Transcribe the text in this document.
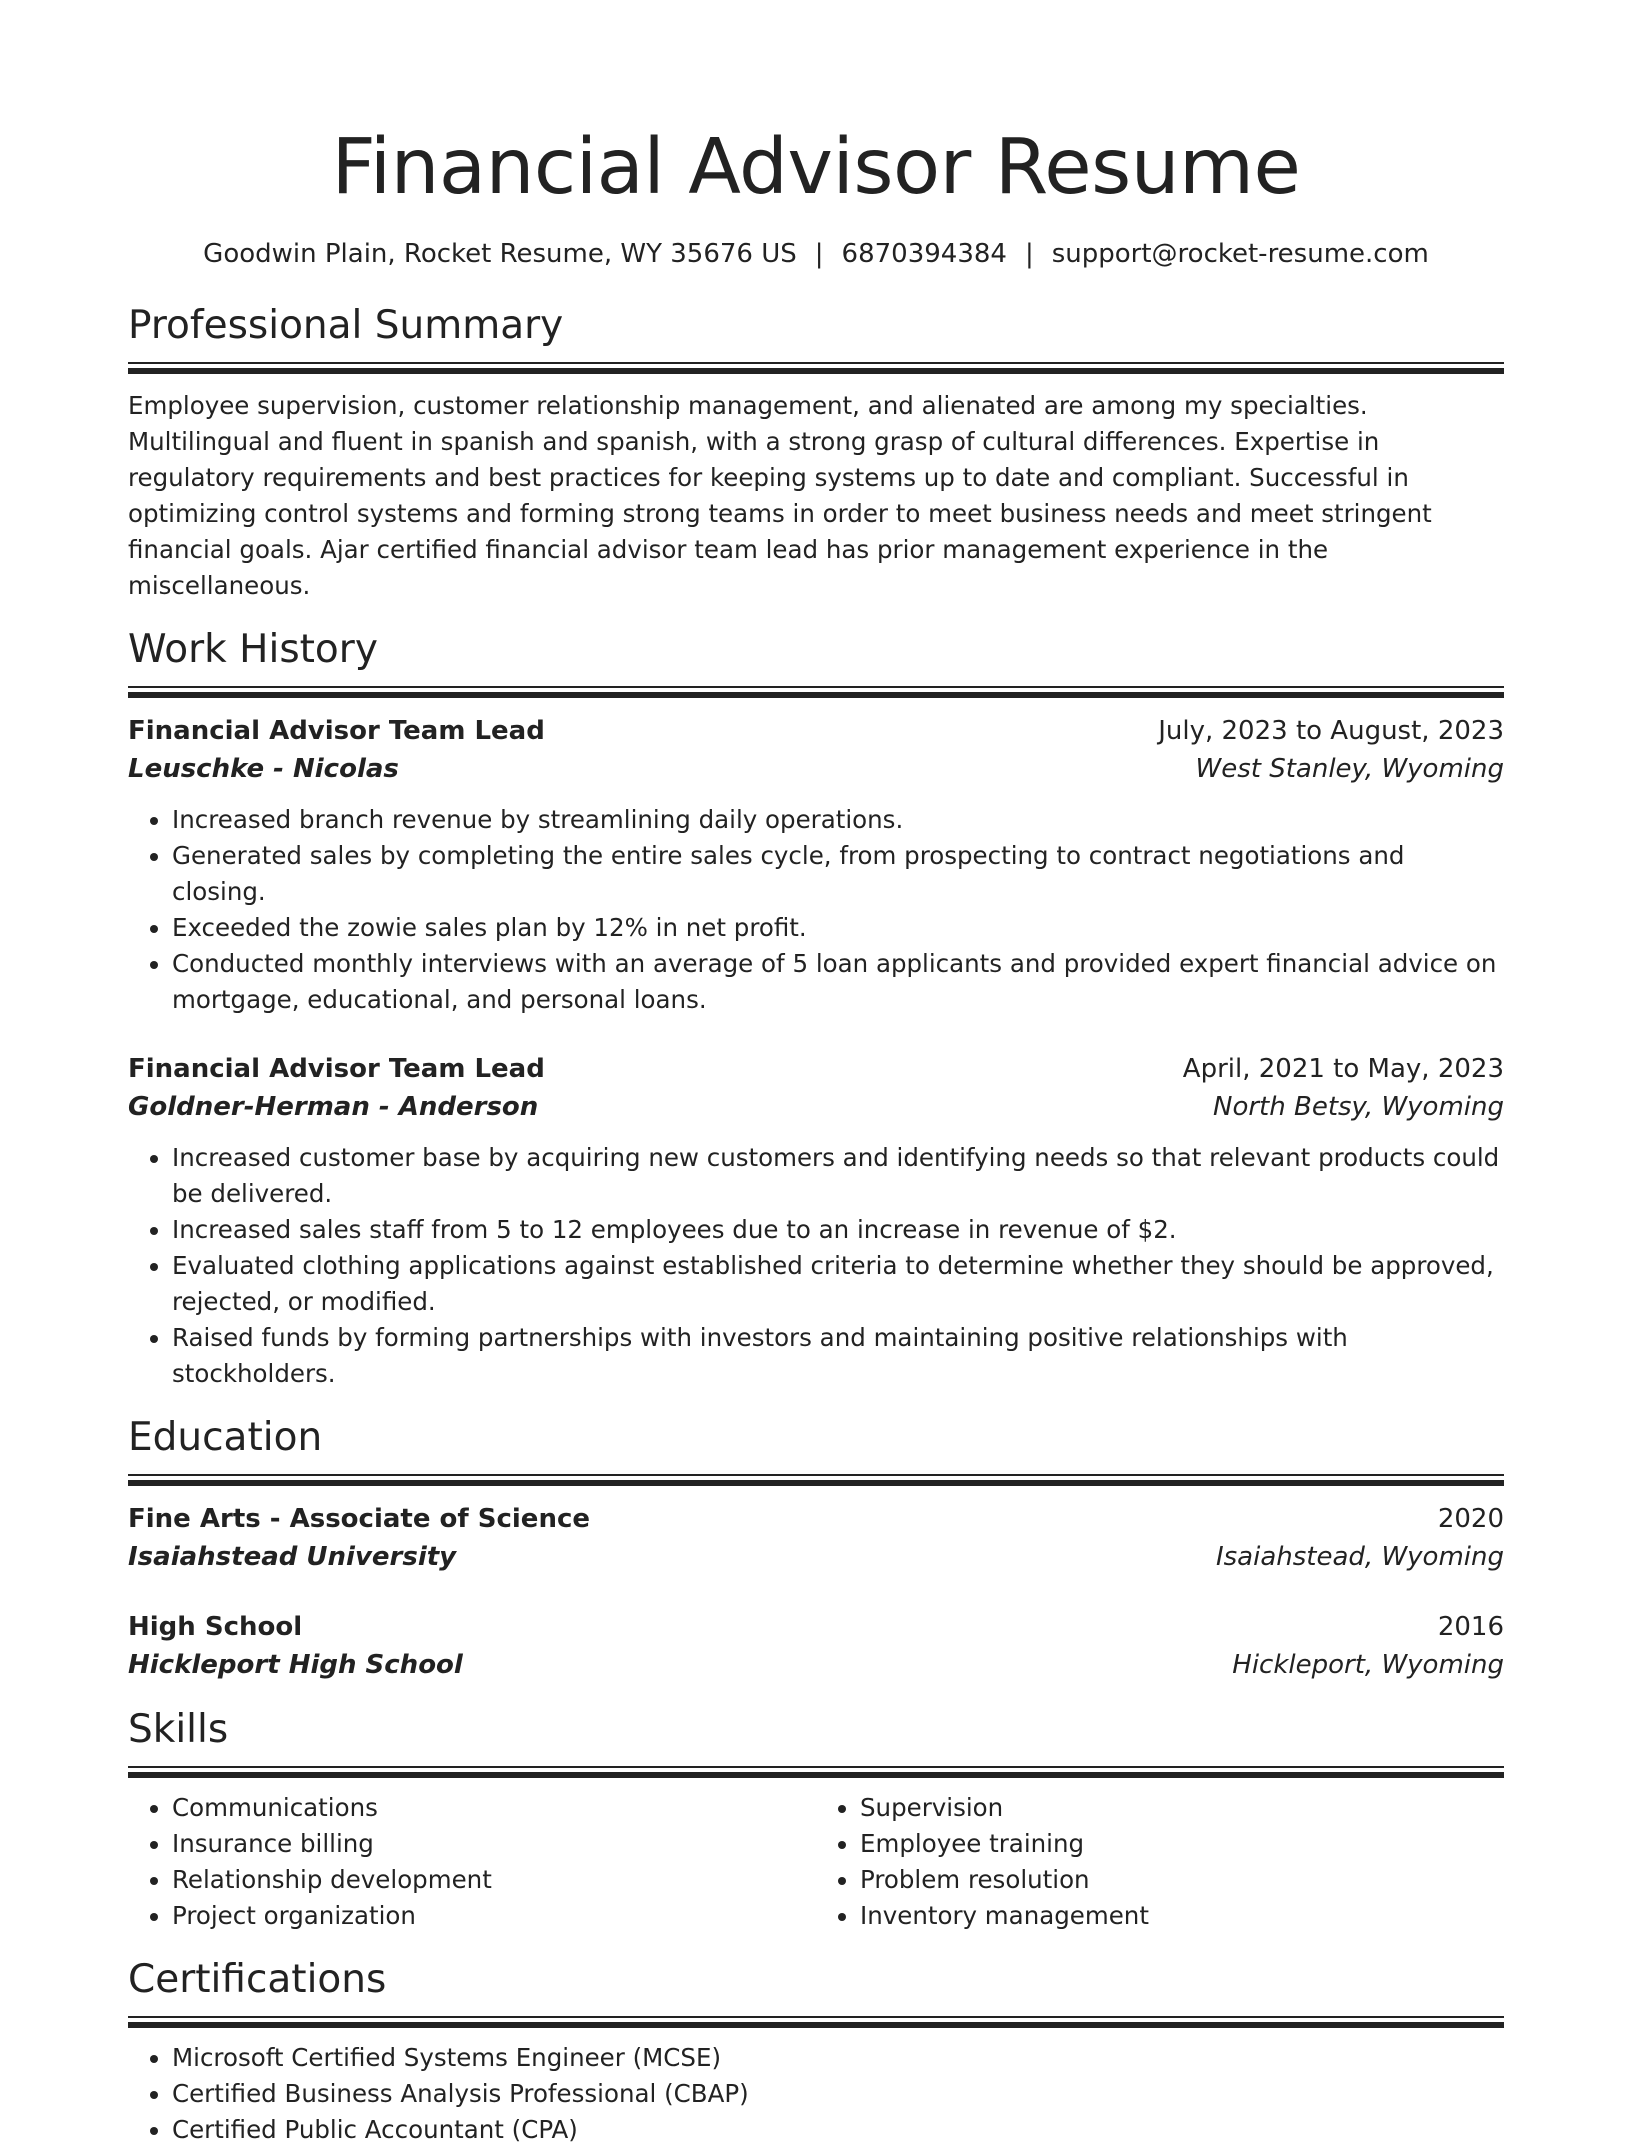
Financial Advisor Resume
Goodwin Plain, Rocket Resume, WY 35676 US | 6870394384 | support@rocket-resume.com
Professional Summary
Employee supervision, customer relationship management, and alienated are among my specialties. Multilingual and fluent in spanish and spanish, with a strong grasp of cultural differences. Expertise in regulatory requirements and best practices for keeping systems up to date and compliant. Successful in optimizing control systems and forming strong teams in order to meet business needs and meet stringent financial goals. Ajar certified financial advisor team lead has prior management experience in the miscellaneous.
Work History
Financial Advisor Team Lead	July, 2023 to August, 2023
Leuschke - Nicolas	West Stanley, Wyoming
• Increased branch revenue by streamlining daily operations.
• Generated sales by completing the entire sales cycle, from prospecting to contract negotiations and closing.
• Exceeded the zowie sales plan by 12% in net profit.
• Conducted monthly interviews with an average of 5 loan applicants and provided expert financial advice on mortgage, educational, and personal loans.
Financial Advisor Team Lead	April, 2021 to May, 2023
Goldner-Herman - Anderson	North Betsy, Wyoming
• Increased customer base by acquiring new customers and identifying needs so that relevant products could be delivered.
• Increased sales staff from 5 to 12 employees due to an increase in revenue of $2.
• Evaluated clothing applications against established criteria to determine whether they should be approved, rejected, or modified.
• Raised funds by forming partnerships with investors and maintaining positive relationships with stockholders.
Education
Fine Arts - Associate of Science	2020
Isaiahstead University	Isaiahstead, Wyoming
High School	2016
Hickleport High School	Hickleport, Wyoming
Skills
• Communications
• Insurance billing
• Relationship development
• Project organization
• Supervision
• Employee training
• Problem resolution
• Inventory management
Certifications
• Microsoft Certified Systems Engineer (MCSE)
• Certified Business Analysis Professional (CBAP)
• Certified Public Accountant (CPA)
